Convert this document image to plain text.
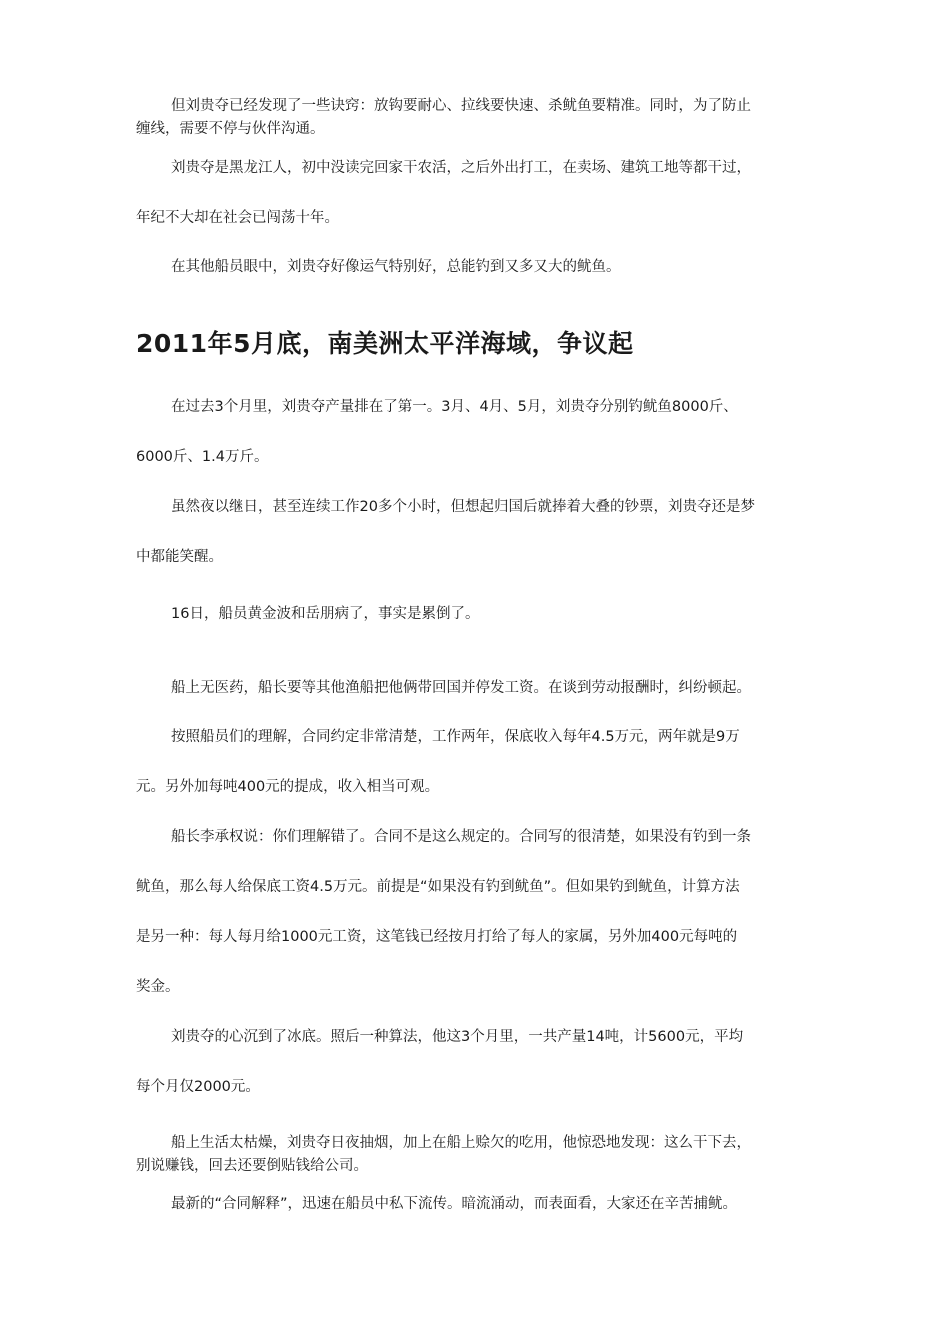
但刘贵夺已经发现了一些诀窍：放钩要耐心、拉线要快速、杀鱿鱼要精准。同时，为了防止
缠线，需要不停与伙伴沟通。
刘贵夺是黑龙江人，初中没读完回家干农活，之后外出打工，在卖场、建筑工地等都干过，
年纪不大却在社会已闯荡十年。
在其他船员眼中，刘贵夺好像运气特别好，总能钓到又多又大的鱿鱼。
2011年5月底，南美洲太平洋海域，争议起
在过去3个月里，刘贵夺产量排在了第一。3月、4月、5月，刘贵夺分别钓鱿鱼8000斤、
6000斤、1.4万斤。
虽然夜以继日，甚至连续工作20多个小时，但想起归国后就捧着大叠的钞票，刘贵夺还是梦
中都能笑醒。
16日，船员黄金波和岳朋病了，事实是累倒了。
船上无医药，船长要等其他渔船把他俩带回国并停发工资。在谈到劳动报酬时，纠纷顿起。
按照船员们的理解，合同约定非常清楚，工作两年，保底收入每年4.5万元，两年就是9万
元。另外加每吨400元的提成，收入相当可观。
船长李承权说：你们理解错了。合同不是这么规定的。合同写的很清楚，如果没有钓到一条
鱿鱼，那么每人给保底工资4.5万元。前提是“如果没有钓到鱿鱼”。但如果钓到鱿鱼，计算方法
是另一种：每人每月给1000元工资，这笔钱已经按月打给了每人的家属，另外加400元每吨的
奖金。
刘贵夺的心沉到了冰底。照后一种算法，他这3个月里，一共产量14吨，计5600元，平均
每个月仅2000元。
船上生活太枯燥，刘贵夺日夜抽烟，加上在船上赊欠的吃用，他惊恐地发现：这么干下去，
别说赚钱，回去还要倒贴钱给公司。
最新的“合同解释”，迅速在船员中私下流传。暗流涌动，而表面看，大家还在辛苦捕鱿。
